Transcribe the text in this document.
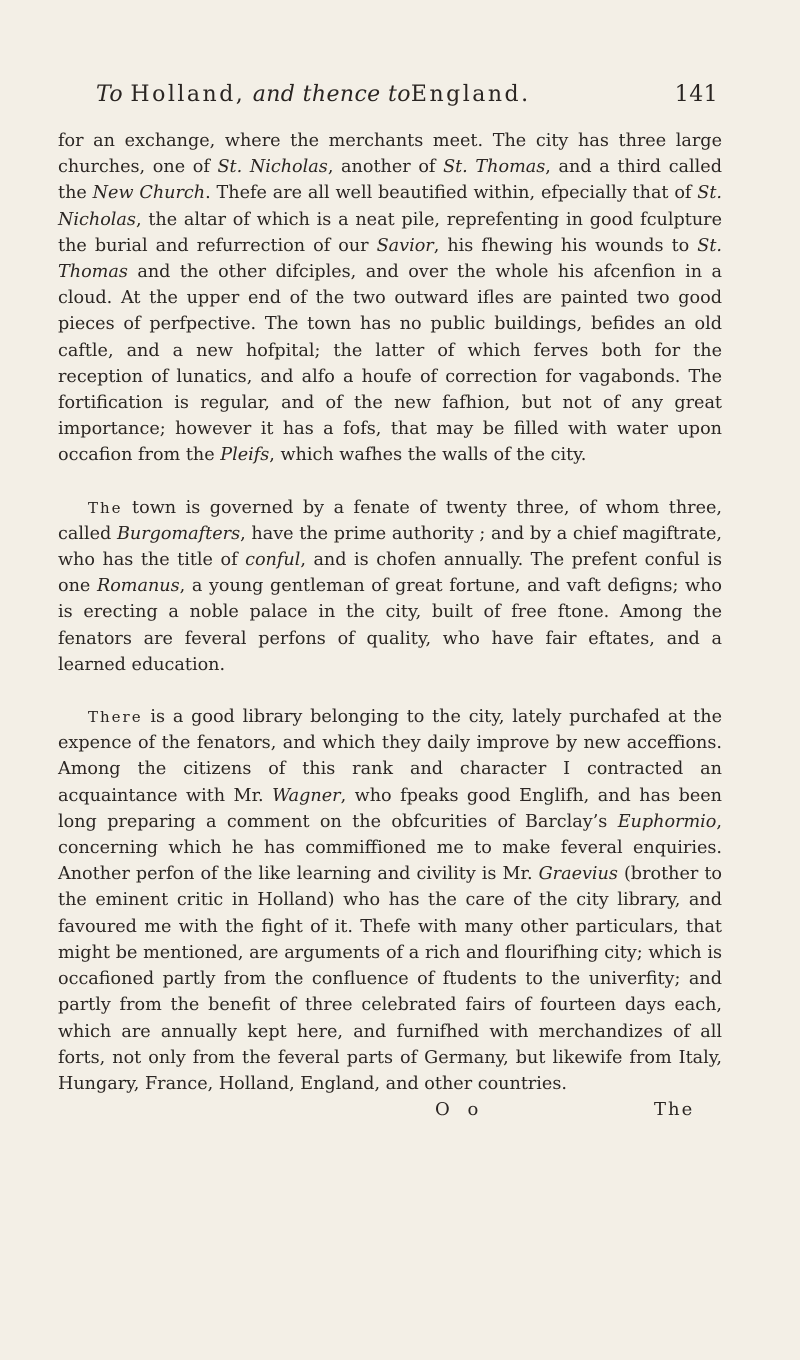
To Holland, and thence toEngland.	141

for an exchange, where the merchants meet. The city has three large churches, one of St. Nicholas, another of St. Thomas, and a third called the New Church. Thefe are all well beautified within, efpecially that of St. Nicholas, the altar of which is a neat pile, reprefenting in good fculpture the burial and refurrection of our Savior, his fhewing his wounds to St. Thomas and the other difciples, and over the whole his afcenfion in a cloud. At the upper end of the two outward ifles are painted two good pieces of perfpective. The town has no public buildings, befides an old caftle, and a new hofpital; the latter of which ferves both for the reception of lunatics, and alfo a houfe of correction for vagabonds. The fortification is regular, and of the new fafhion, but not of any great importance; however it has a fofs, that may be filled with water upon occafion from the Pleifs, which wafhes the walls of the city.

The town is governed by a fenate of twenty three, of whom three, called Burgomafters, have the prime authority ; and by a chief magiftrate, who has the title of conful, and is chofen annually. The prefent conful is one Romanus, a young gentleman of great fortune, and vaft defigns; who is erecting a noble palace in the city, built of free ftone. Among the fenators are feveral perfons of quality, who have fair eftates, and a learned education.

There is a good library belonging to the city, lately purchafed at the expence of the fenators, and which they daily improve by new acceffions. Among the citizens of this rank and character I contracted an acquaintance with Mr. Wagner, who fpeaks good Englifh, and has been long preparing a comment on the obfcurities of Barclay’s Euphormio, concerning which he has commiffioned me to make feveral enquiries. Another perfon of the like learning and civility is Mr. Graevius (brother to the eminent critic in Holland) who has the care of the city library, and favoured me with the fight of it. Thefe with many other particulars, that might be mentioned, are arguments of a rich and flourifhing city; which is occafioned partly from the confluence of ftudents to the univerfity; and partly from the benefit of three celebrated fairs of fourteen days each, which are annually kept here, and furnifhed with merchandizes of all forts, not only from the feveral parts of Germany, but likewife from Italy, Hungary, France, Holland, England, and other countries.

O o	The
